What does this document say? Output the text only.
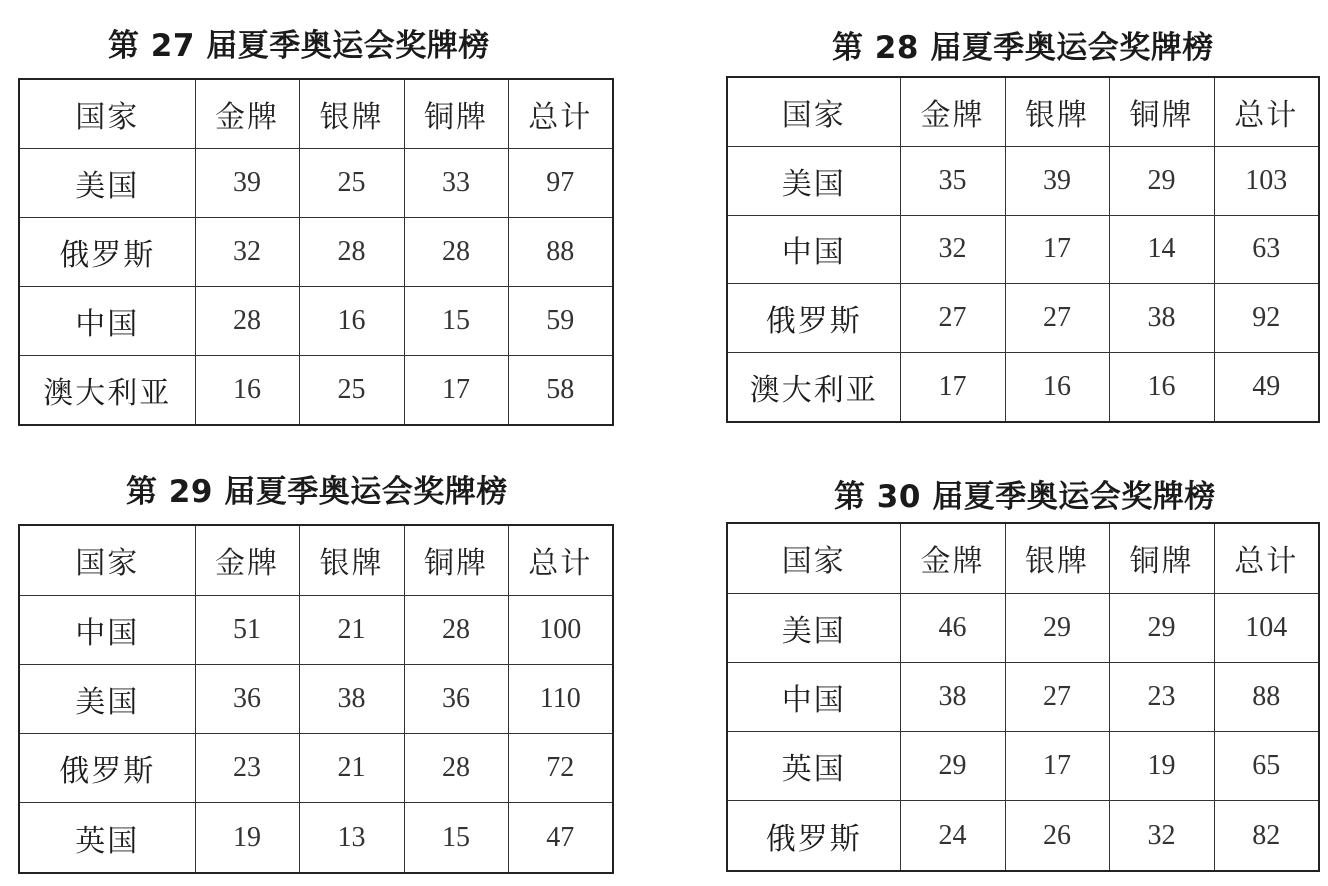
第 27 届夏季奥运会奖牌榜
国家	金牌	银牌	铜牌	总计
美国	39	25	33	97
俄罗斯	32	28	28	88
中国	28	16	15	59
澳大利亚	16	25	17	58
第 28 届夏季奥运会奖牌榜
国家	金牌	银牌	铜牌	总计
美国	35	39	29	103
中国	32	17	14	63
俄罗斯	27	27	38	92
澳大利亚	17	16	16	49
第 29 届夏季奥运会奖牌榜
国家	金牌	银牌	铜牌	总计
中国	51	21	28	100
美国	36	38	36	110
俄罗斯	23	21	28	72
英国	19	13	15	47
第 30 届夏季奥运会奖牌榜
国家	金牌	银牌	铜牌	总计
美国	46	29	29	104
中国	38	27	23	88
英国	29	17	19	65
俄罗斯	24	26	32	82
